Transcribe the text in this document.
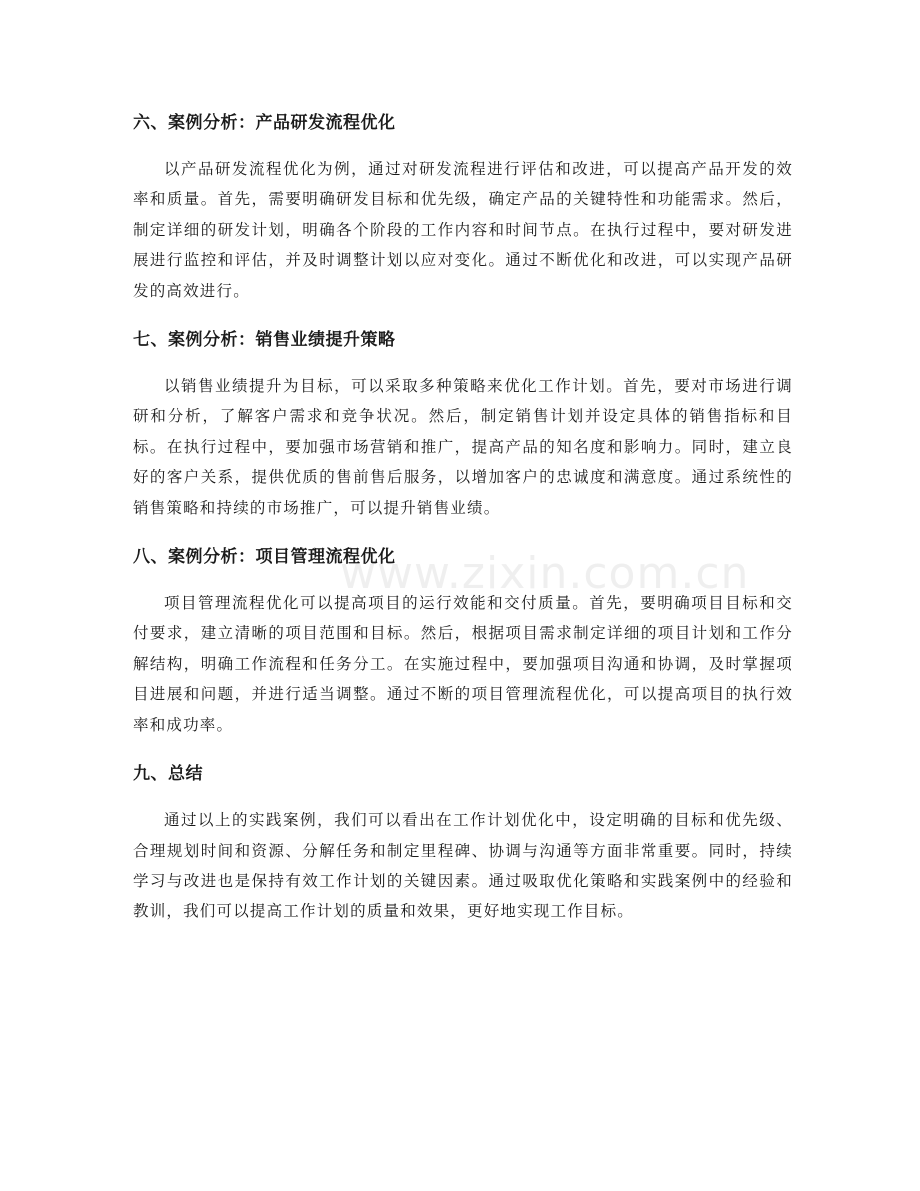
六、案例分析：产品研发流程优化

以产品研发流程优化为例，通过对研发流程进行评估和改进，可以提高产品开发的效率和质量。首先，需要明确研发目标和优先级，确定产品的关键特性和功能需求。然后，制定详细的研发计划，明确各个阶段的工作内容和时间节点。在执行过程中，要对研发进展进行监控和评估，并及时调整计划以应对变化。通过不断优化和改进，可以实现产品研发的高效进行。

七、案例分析：销售业绩提升策略

以销售业绩提升为目标，可以采取多种策略来优化工作计划。首先，要对市场进行调研和分析，了解客户需求和竞争状况。然后，制定销售计划并设定具体的销售指标和目标。在执行过程中，要加强市场营销和推广，提高产品的知名度和影响力。同时，建立良好的客户关系，提供优质的售前售后服务，以增加客户的忠诚度和满意度。通过系统性的销售策略和持续的市场推广，可以提升销售业绩。

八、案例分析：项目管理流程优化

项目管理流程优化可以提高项目的运行效能和交付质量。首先，要明确项目目标和交付要求，建立清晰的项目范围和目标。然后，根据项目需求制定详细的项目计划和工作分解结构，明确工作流程和任务分工。在实施过程中，要加强项目沟通和协调，及时掌握项目进展和问题，并进行适当调整。通过不断的项目管理流程优化，可以提高项目的执行效率和成功率。

九、总结

通过以上的实践案例，我们可以看出在工作计划优化中，设定明确的目标和优先级、合理规划时间和资源、分解任务和制定里程碑、协调与沟通等方面非常重要。同时，持续学习与改进也是保持有效工作计划的关键因素。通过吸取优化策略和实践案例中的经验和教训，我们可以提高工作计划的质量和效果，更好地实现工作目标。

www.zixin.com.cn
